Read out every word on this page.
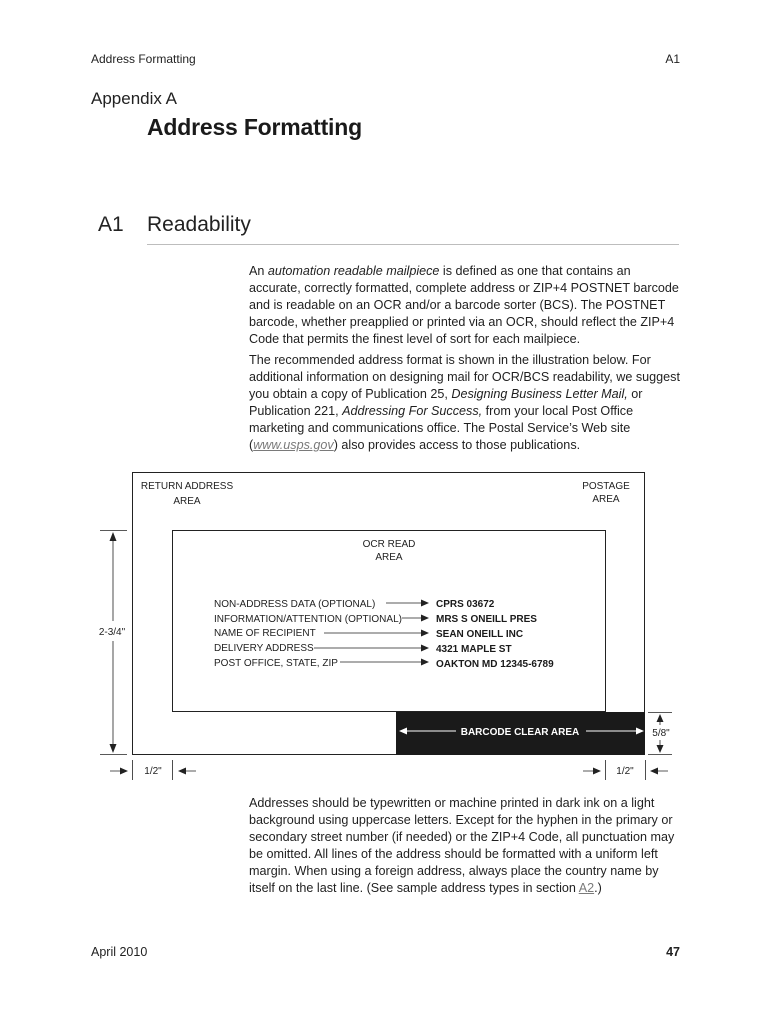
Address Formatting	A1
Appendix A
Address Formatting
A1 Readability

An automation readable mailpiece is defined as one that contains an accurate, correctly formatted, complete address or ZIP+4 POSTNET barcode and is readable on an OCR and/or a barcode sorter (BCS). The POSTNET barcode, whether preapplied or printed via an OCR, should reflect the ZIP+4 Code that permits the finest level of sort for each mailpiece.

The recommended address format is shown in the illustration below. For additional information on designing mail for OCR/BCS readability, we suggest you obtain a copy of Publication 25, Designing Business Letter Mail, or Publication 221, Addressing For Success, from your local Post Office marketing and communications office. The Postal Service’s Web site (www.usps.gov) also provides access to those publications.

RETURN ADDRESS
AREA
POSTAGE
AREA
OCR READ
AREA
NON-ADDRESS DATA (OPTIONAL)
INFORMATION/ATTENTION (OPTIONAL)
NAME OF RECIPIENT
DELIVERY ADDRESS
POST OFFICE, STATE, ZIP
CPRS 03672
MRS S ONEILL PRES
SEAN ONEILL INC
4321 MAPLE ST
OAKTON MD 12345-6789
BARCODE CLEAR AREA
2-3/4"
5/8"
1/2"	1/2"

Addresses should be typewritten or machine printed in dark ink on a light background using uppercase letters. Except for the hyphen in the primary or secondary street number (if needed) or the ZIP+4 Code, all punctuation may be omitted. All lines of the address should be formatted with a uniform left margin. When using a foreign address, always place the country name by itself on the last line. (See sample address types in section A2.)

April 2010	47
